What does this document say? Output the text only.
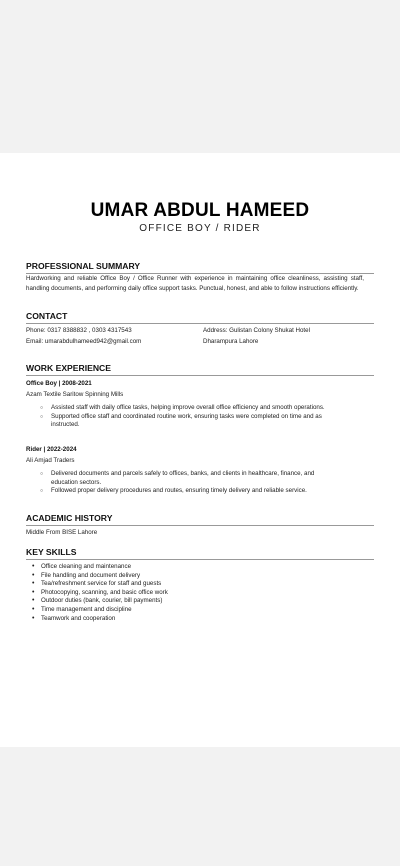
UMAR ABDUL HAMEED
OFFICE BOY / RIDER
PROFESSIONAL SUMMARY
Hardworking and reliable Office Boy / Office Runner with experience in maintaining office cleanliness, assisting staff, handling documents, and performing daily office support tasks. Punctual, honest, and able to follow instructions efficiently.
CONTACT
Phone: 0317 8388832 , 0303 4317543
Email: umarabdulhameed942@gmail.com
Address: Gulistan Colony Shukat Hotel
Dharampura Lahore
WORK EXPERIENCE
Office Boy | 2008-2021
Azam Textile Saritow Spinning Mills
○ Assisted staff with daily office tasks, helping improve overall office efficiency and smooth operations.
○ Supported office staff and coordinated routine work, ensuring tasks were completed on time and as
instructed.
Rider | 2022-2024
Ali Amjad Traders
○ Delivered documents and parcels safely to offices, banks, and clients in healthcare, finance, and
education sectors.
○ Followed proper delivery procedures and routes, ensuring timely delivery and reliable service.
ACADEMIC HISTORY
Middle From BISE Lahore
KEY SKILLS
• Office cleaning and maintenance
• File handling and document delivery
• Tea/refreshment service for staff and guests
• Photocopying, scanning, and basic office work
• Outdoor duties (bank, courier, bill payments)
• Time management and discipline
• Teamwork and cooperation
